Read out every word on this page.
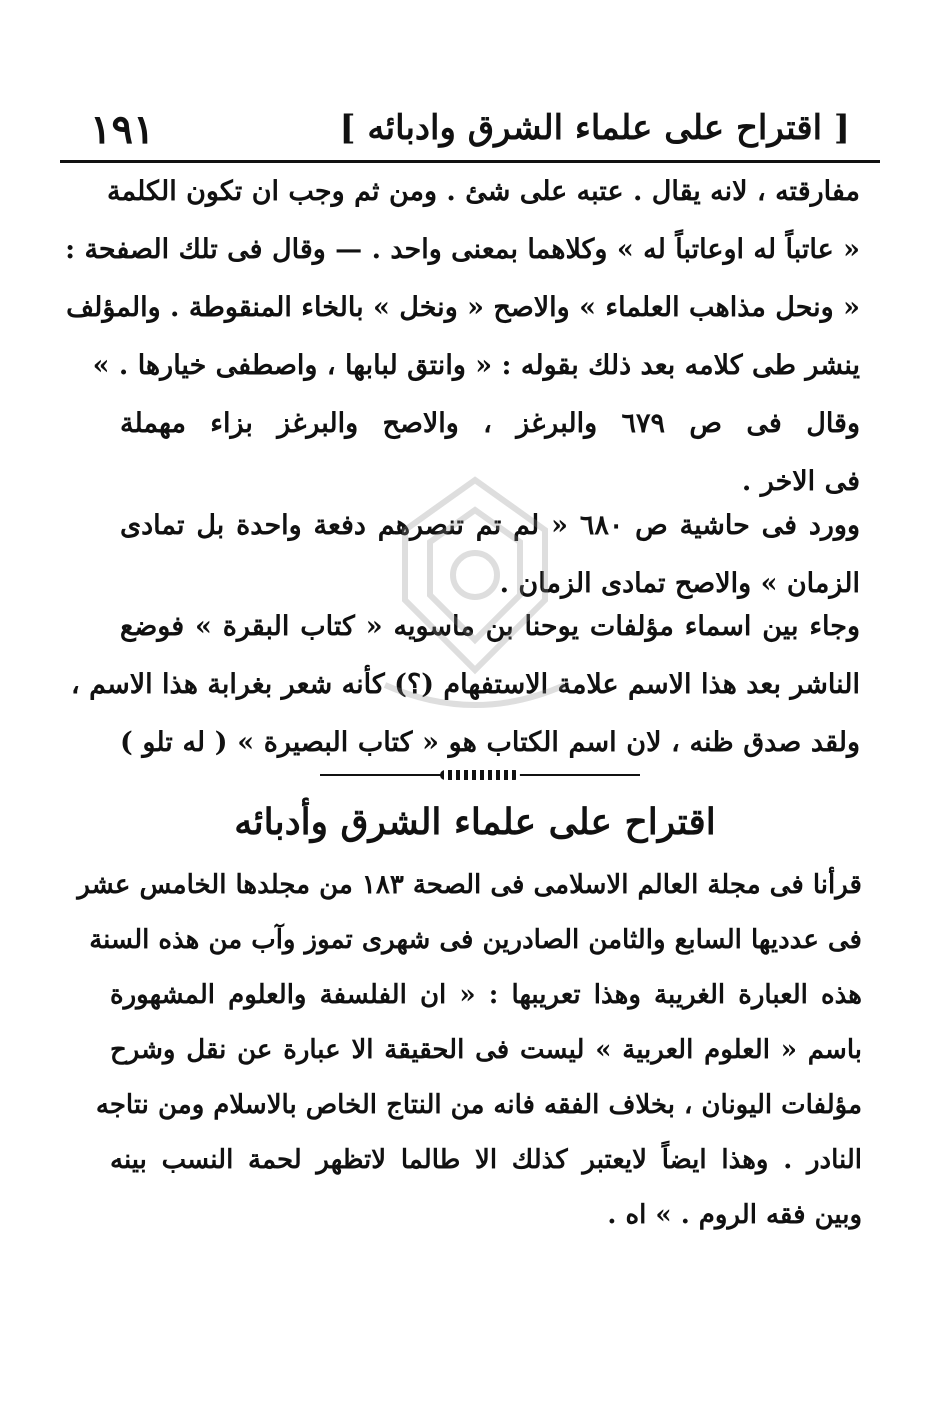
١٩١	[ اقتراح على علماء الشرق وادبائه ]
مفارقته ، لانه يقال . عتبه على شئ . ومن ثم وجب ان تكون الكلمة
« عاتباً له اوعاتباً له » وكلاهما بمعنى واحد . — وقال فى تلك الصفحة :
« ونحل مذاهب العلماء » والاصح « ونخل » بالخاء المنقوطة . والمؤلف
ينشر طى كلامه بعد ذلك بقوله : « وانتق لبابها ، واصطفى خيارها . »
وقال فى ص ٦٧٩ والبرغز ، والاصح والبرغز بزاء مهملة
فى الاخر .
وورد فى حاشية ص ٦٨٠ « لم تم تنصرهم دفعة واحدة بل تمادى
الزمان » والاصح تمادى الزمان .
وجاء بين اسماء مؤلفات يوحنا بن ماسويه « كتاب البقرة » فوضع
الناشر بعد هذا الاسم علامة الاستفهام (؟) كأنه شعر بغرابة هذا الاسم ،
ولقد صدق ظنه ، لان اسم الكتاب هو « كتاب البصيرة » ( له تلو )
اقتراح على علماء الشرق وأدبائه
قرأنا فى مجلة العالم الاسلامى فى الصحة ١٨٣ من مجلدها الخامس عشر
فى عدديها السابع والثامن الصادرين فى شهرى تموز وآب من هذه السنة
هذه العبارة الغريبة وهذا تعريبها : « ان الفلسفة والعلوم المشهورة
باسم « العلوم العربية » ليست فى الحقيقة الا عبارة عن نقل وشرح
مؤلفات اليونان ، بخلاف الفقه فانه من النتاج الخاص بالاسلام ومن نتاجه
النادر . وهذا ايضاً لايعتبر كذلك الا طالما لاتظهر لحمة النسب بينه
وبين فقه الروم . » اه .
